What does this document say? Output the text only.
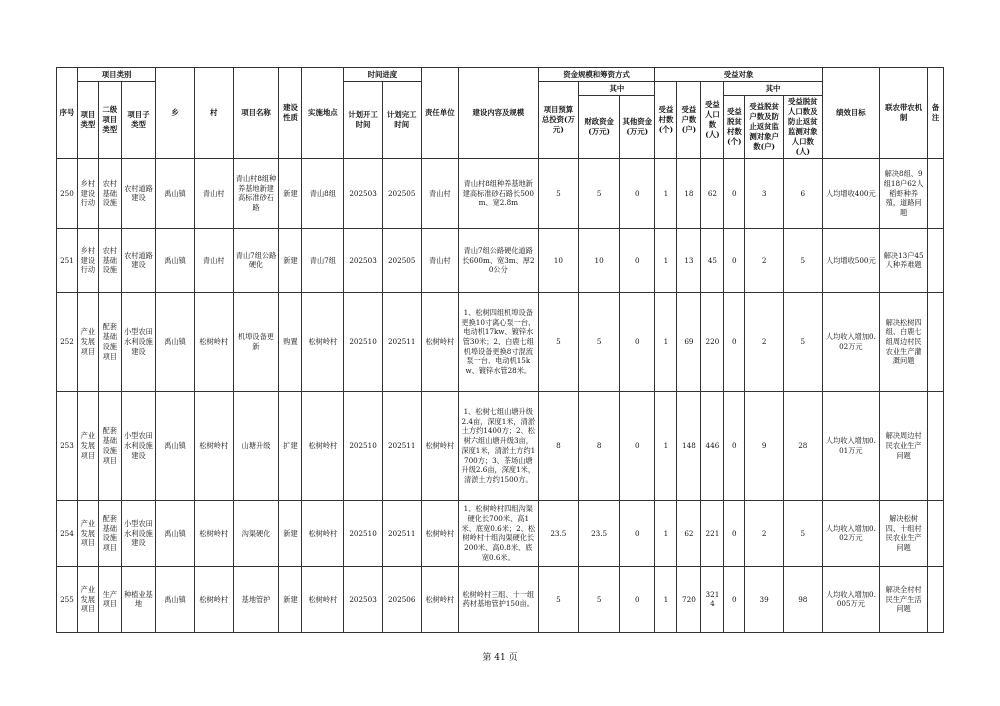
序号	项目类别			乡	村	项目名称	建设性质	实施地点	时间进度		责任单位	建设内容及规模	资金规模和筹资方式			受益对象						绩效目标	联农带农机制	备注
	项目类型	二级项目类型	项目子类型						计划开工时间	计划完工时间			项目预算总投资(万元)	其中		受益村数(个)	受益户数(户)	受益人口数(人)	其中					
														财政资金(万元)	其他资金(万元)				受益脱贫村数(个)	受益脱贫户数及防止返贫监测对象户数(户)	受益脱贫人口数及防止返贫监测对象人口数(人)			
250	乡村建设行动	农村基础设施	农村道路建设	禹山镇	青山村	青山村8组种养基地新建高标准砂石路	新建	青山8组	202503	202505	青山村	青山村8组种养基地新建高标准砂石路长500m、宽2.8m	5	5	0	1	18	62	0	3	6	人均增收400元	解决8组、9组18户62人稻虾种养殖，道路问题	
251	乡村建设行动	农村基础设施	农村道路建设	禹山镇	青山村	青山7组公路硬化	新建	青山7组	202503	202505	青山村	青山7组公路硬化道路长600m、宽3m、厚20公分	10	10	0	1	13	45	0	2	5	人均增收500元	解决13户45人种养难题	
252	产业发展项目	配套基础设施项目	小型农田水利设施建设	禹山镇	松树岭村	机埠设备更新	购置	松树岭村	202510	202511	松树岭村	1、松树四组机埠设备更换10寸离心泵一台、电动机17kw、镀锌水管30米；2、白鹿七组机埠设备更换8寸混流泵一台、电动机15kw、镀锌水管28米。	5	5	0	1	69	220	0	2	5	人均收入增加0.02万元	解决松树四组、白鹿七组周边村民农业生产灌溉问题	
253	产业发展项目	配套基础设施项目	小型农田水利设施建设	禹山镇	松树岭村	山塘升级	扩建	松树岭村	202510	202511	松树岭村	1、松树七组山塘升级2.4亩，深度1米，清淤土方约1400方；2、松树六组山塘升级3亩，深度1米，清淤土方约1700方；3、茶场山塘升级2.6亩，深度1米，清淤土方约1500方。	8	8	0	1	148	446	0	9	28	人均收入增加0.01万元	解决周边村民农业生产问题	
254	产业发展项目	配套基础设施项目	小型农田水利设施建设	禹山镇	松树岭村	沟渠硬化	新建	松树岭村	202510	202511	松树岭村	1、松树岭村四组沟渠硬化长700米、高1米、底宽0.6米；2、松树岭村十组沟渠硬化长200米、高0.8米、底宽0.6米。	23.5	23.5	0	1	62	221	0	2	5	人均收入增加0.02万元	解决松树四、十组村民农业生产问题	
255	产业发展项目	生产项目	种植业基地	禹山镇	松树岭村	基地管护	新建	松树岭村	202503	202506	松树岭村	松树岭村三组、十一组药材基地管护150亩。	5	5	0	1	720	3214	0	39	98	人均收入增加0.005万元	解决全村村民生产生活问题	
第 41 页
